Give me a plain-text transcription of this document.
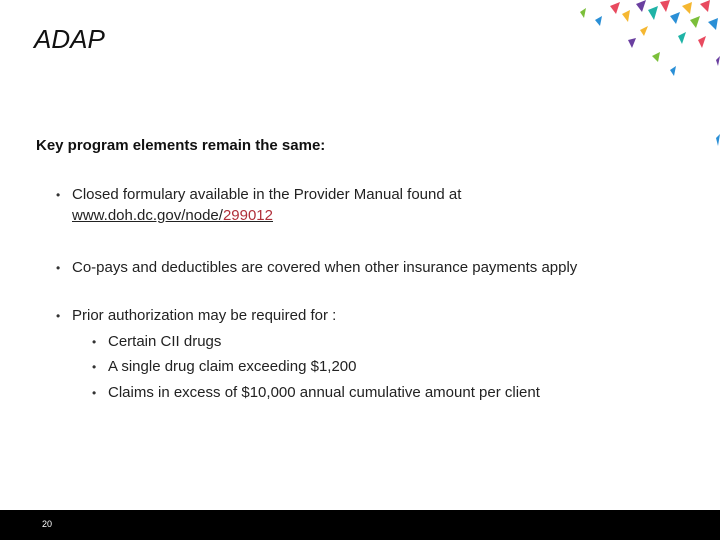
ADAP
Key program elements remain the same:
• Closed formulary available in the Provider Manual found at
www.doh.dc.gov/node/299012
• Co-pays and deductibles are covered when other insurance payments apply
• Prior authorization may be required for :
• Certain CII drugs
• A single drug claim exceeding $1,200
• Claims in excess of $10,000 annual cumulative amount per client
20
